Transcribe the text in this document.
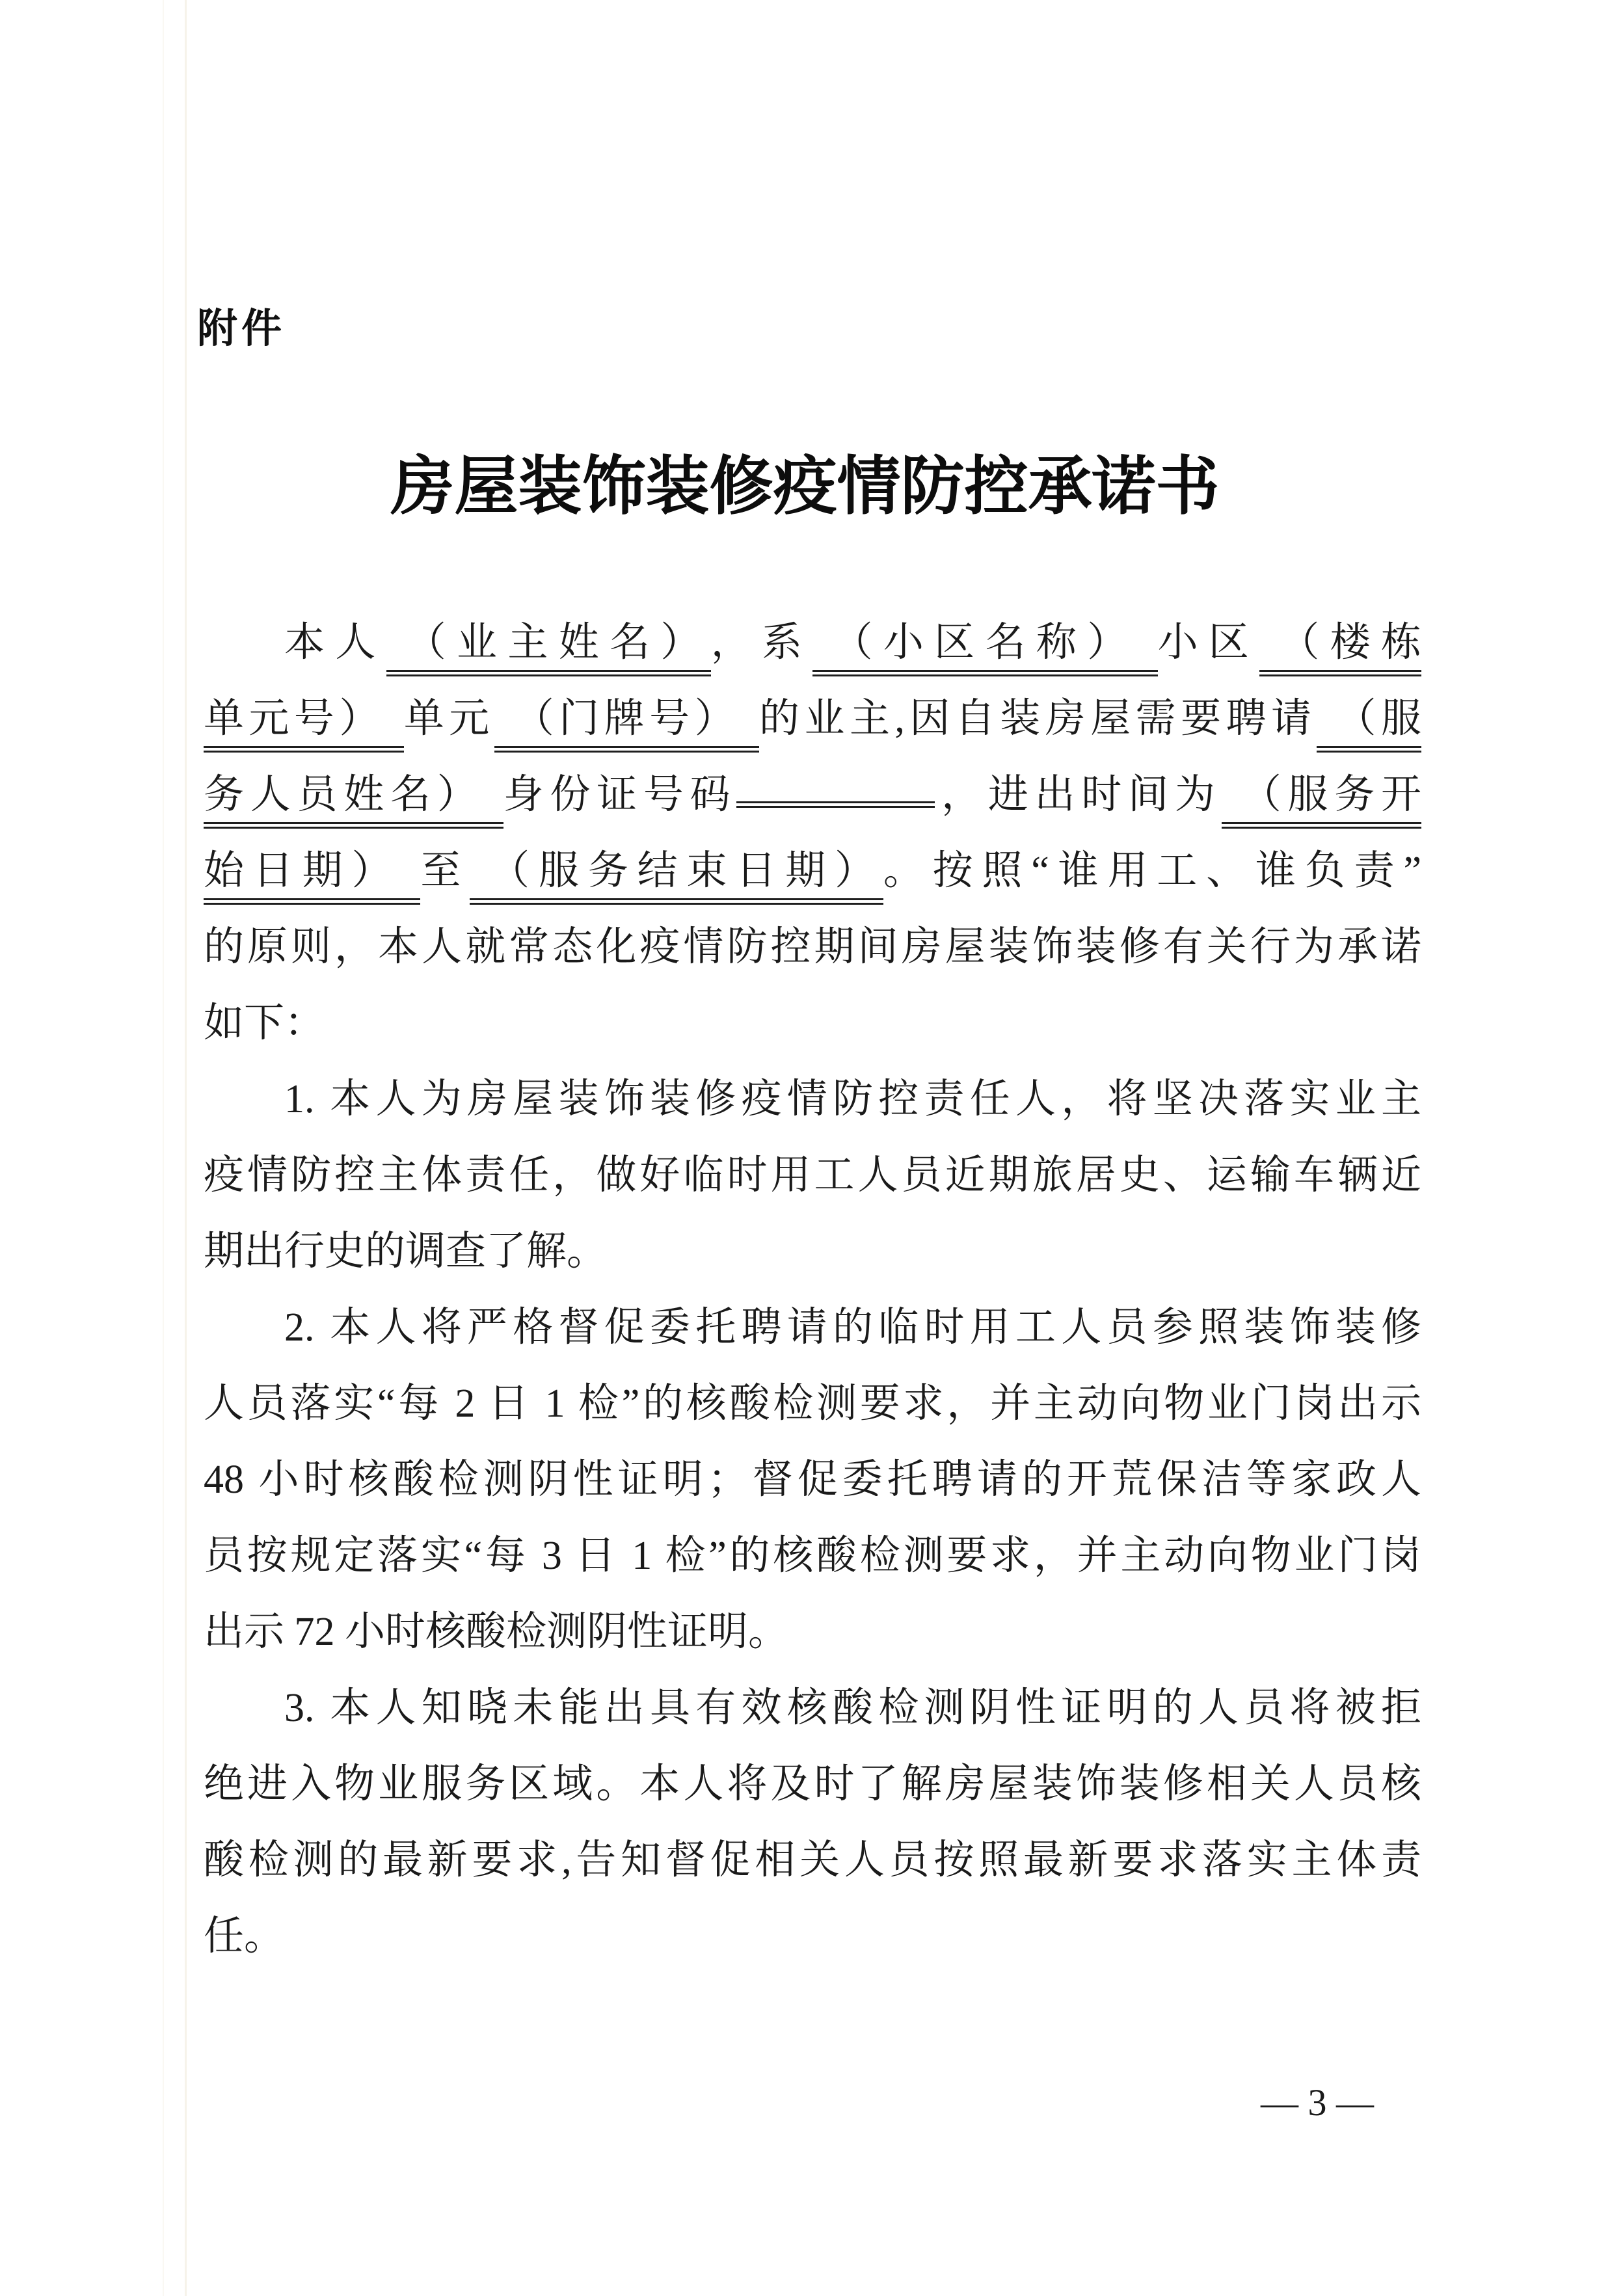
附件
房屋装饰装修疫情防控承诺书
本人 （业主姓名） ，系 （小区名称） 小区 （楼栋
单元号） 单元 （门牌号） 的业主,因自装房屋需要聘请 （服
务人员姓名） 身份证号码	，进出时间为 （服务开
始日期） 至 （服务结束日期） 。按照“谁用工、谁负责”
的原则，本人就常态化疫情防控期间房屋装饰装修有关行为承诺
如下：
1. 本人为房屋装饰装修疫情防控责任人，将坚决落实业主
疫情防控主体责任，做好临时用工人员近期旅居史、运输车辆近
期出行史的调查了解。
2. 本人将严格督促委托聘请的临时用工人员参照装饰装修
人员落实“每 2 日 1 检”的核酸检测要求，并主动向物业门岗出示
48 小时核酸检测阴性证明；督促委托聘请的开荒保洁等家政人
员按规定落实“每 3 日 1 检”的核酸检测要求，并主动向物业门岗
出示 72 小时核酸检测阴性证明。
3. 本人知晓未能出具有效核酸检测阴性证明的人员将被拒
绝进入物业服务区域。本人将及时了解房屋装饰装修相关人员核
酸检测的最新要求,告知督促相关人员按照最新要求落实主体责
任。
— 3 —
